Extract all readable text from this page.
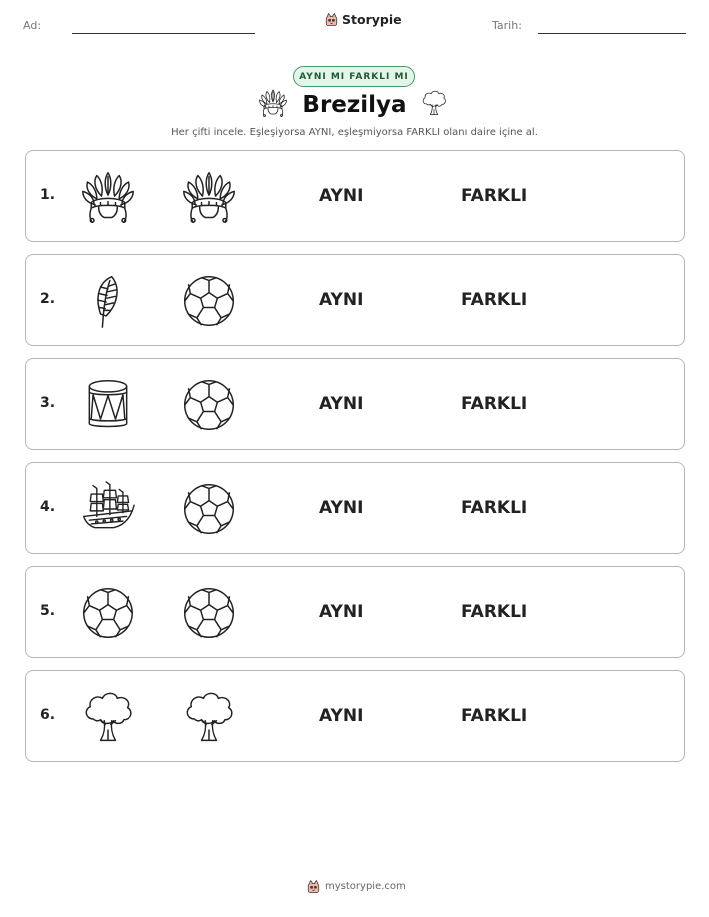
Ad:	Storypie	Tarih:
AYNI MI FARKLI MI
Brezilya
Her çifti incele. Eşleşiyorsa AYNI, eşleşmiyorsa FARKLI olanı daire içine al.
1.	AYNI	FARKLI
2.	AYNI	FARKLI
3.	AYNI	FARKLI
4.	AYNI	FARKLI
5.	AYNI	FARKLI
6.	AYNI	FARKLI
mystorypie.com
